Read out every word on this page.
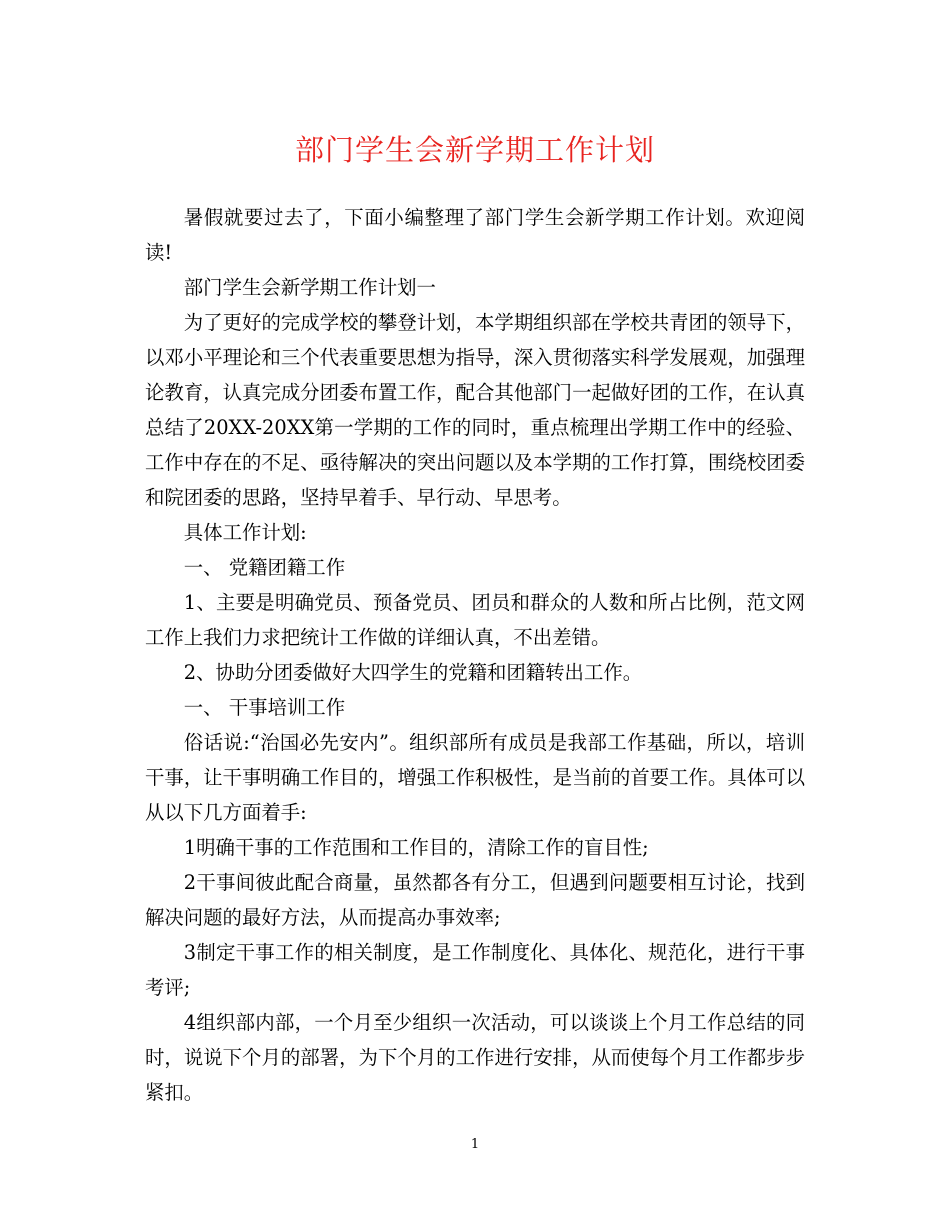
部门学生会新学期工作计划

暑假就要过去了，下面小编整理了部门学生会新学期工作计划。欢迎阅读!

部门学生会新学期工作计划一

为了更好的完成学校的攀登计划，本学期组织部在学校共青团的领导下，以邓小平理论和三个代表重要思想为指导，深入贯彻落实科学发展观，加强理论教育，认真完成分团委布置工作，配合其他部门一起做好团的工作，在认真总结了20XX-20XX第一学期的工作的同时，重点梳理出学期工作中的经验、工作中存在的不足、亟待解决的突出问题以及本学期的工作打算，围绕校团委和院团委的思路，坚持早着手、早行动、早思考。

具体工作计划:

一、 党籍团籍工作

1、主要是明确党员、预备党员、团员和群众的人数和所占比例，范文网工作上我们力求把统计工作做的详细认真，不出差错。

2、协助分团委做好大四学生的党籍和团籍转出工作。

一、 干事培训工作

俗话说:“治国必先安内”。组织部所有成员是我部工作基础，所以，培训干事，让干事明确工作目的，增强工作积极性，是当前的首要工作。具体可以从以下几方面着手:

1明确干事的工作范围和工作目的，清除工作的盲目性;

2干事间彼此配合商量，虽然都各有分工，但遇到问题要相互讨论，找到解决问题的最好方法，从而提高办事效率;

3制定干事工作的相关制度，是工作制度化、具体化、规范化，进行干事考评;

4组织部内部，一个月至少组织一次活动，可以谈谈上个月工作总结的同时，说说下个月的部署，为下个月的工作进行安排，从而使每个月工作都步步紧扣。

1
